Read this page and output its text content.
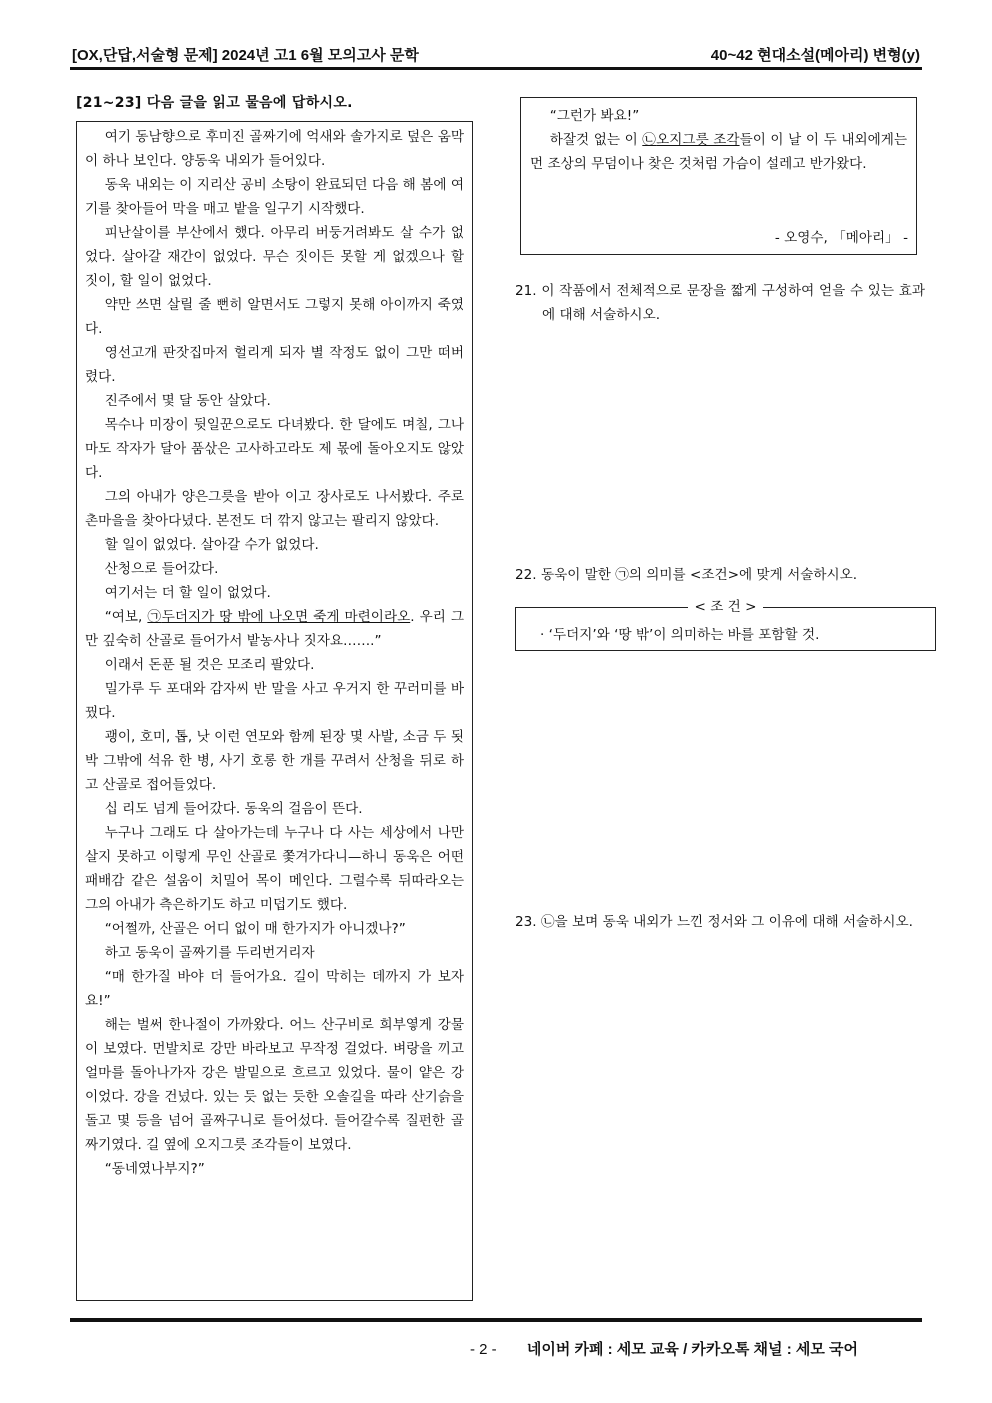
[OX,단답,서술형 문제] 2024년 고1 6월 모의고사 문학	40~42 현대소설(메아리) 변형(y)
[21~23] 다음 글을 읽고 물음에 답하시오.

여기 동남향으로 후미진 골짜기에 억새와 솔가지로 덮은 움막이 하나 보인다. 양동욱 내외가 들어있다.

동욱 내외는 이 지리산 공비 소탕이 완료되던 다음 해 봄에 여기를 찾아들어 막을 매고 밭을 일구기 시작했다.

피난살이를 부산에서 했다. 아무리 버둥거려봐도 살 수가 없었다. 살아갈 재간이 없었다. 무슨 짓이든 못할 게 없겠으나 할 짓이, 할 일이 없었다.

약만 쓰면 살릴 줄 뻔히 알면서도 그렇지 못해 아이까지 죽였다.

영선고개 판잣집마저 헐리게 되자 별 작정도 없이 그만 떠버렸다.

진주에서 몇 달 동안 살았다.

목수나 미장이 뒷일꾼으로도 다녀봤다. 한 달에도 며칠, 그나마도 작자가 달아 품삯은 고사하고라도 제 몫에 돌아오지도 않았다.

그의 아내가 양은그릇을 받아 이고 장사로도 나서봤다. 주로 촌마을을 찾아다녔다. 본전도 더 깎지 않고는 팔리지 않았다.

할 일이 없었다. 살아갈 수가 없었다.

산청으로 들어갔다.

여기서는 더 할 일이 없었다.

“여보, ㉠두더지가 땅 밖에 나오면 죽게 마련이라오. 우리 그만 깊숙히 산골로 들어가서 밭농사나 짓자요…….”

이래서 돈푼 될 것은 모조리 팔았다.

밀가루 두 포대와 감자씨 반 말을 사고 우거지 한 꾸러미를 바꿨다.

괭이, 호미, 톱, 낫 이런 연모와 함께 된장 몇 사발, 소금 두 됫박 그밖에 석유 한 병, 사기 호롱 한 개를 꾸려서 산청을 뒤로 하고 산골로 접어들었다.

십 리도 넘게 들어갔다. 동욱의 걸음이 뜬다.

누구나 그래도 다 살아가는데 누구나 다 사는 세상에서 나만 살지 못하고 이렇게 무인 산골로 쫓겨가다니—하니 동욱은 어떤 패배감 같은 설움이 치밀어 목이 메인다. 그럴수록 뒤따라오는 그의 아내가 측은하기도 하고 미덥기도 했다.

“어쩔까, 산골은 어디 없이 매 한가지가 아니겠나?”

하고 동욱이 골짜기를 두리번거리자

“매 한가질 바야 더 들어가요. 길이 막히는 데까지 가 보자요!”

해는 벌써 한나절이 가까왔다. 어느 산구비로 희부옇게 강물이 보였다. 먼발치로 강만 바라보고 무작정 걸었다. 벼랑을 끼고 얼마를 돌아나가자 강은 발밑으로 흐르고 있었다. 물이 얕은 강이었다. 강을 건넜다. 있는 듯 없는 듯한 오솔길을 따라 산기슭을 돌고 몇 등을 넘어 골짜구니로 들어섰다. 들어갈수록 질펀한 골짜기였다. 길 옆에 오지그릇 조각들이 보였다.

“동네였나부지?”

“그런가 봐요!”

하잘것 없는 이 ㉡오지그릇 조각들이 이 날 이 두 내외에게는 먼 조상의 무덤이나 찾은 것처럼 가슴이 설레고 반가왔다.

- 오영수, 「메아리」 -
21. 이 작품에서 전체적으로 문장을 짧게 구성하여 얻을 수 있는 효과에 대해 서술하시오.
22. 동욱이 말한 ㉠의 의미를 <조건>에 맞게 서술하시오.
< 조 건 >
· ‘두더지’와 ‘땅 밖’이 의미하는 바를 포함할 것.
23. ㉡을 보며 동욱 내외가 느낀 정서와 그 이유에 대해 서술하시오.
- 2 - 네이버 카페 : 세모 교육 / 카카오톡 채널 : 세모 국어
